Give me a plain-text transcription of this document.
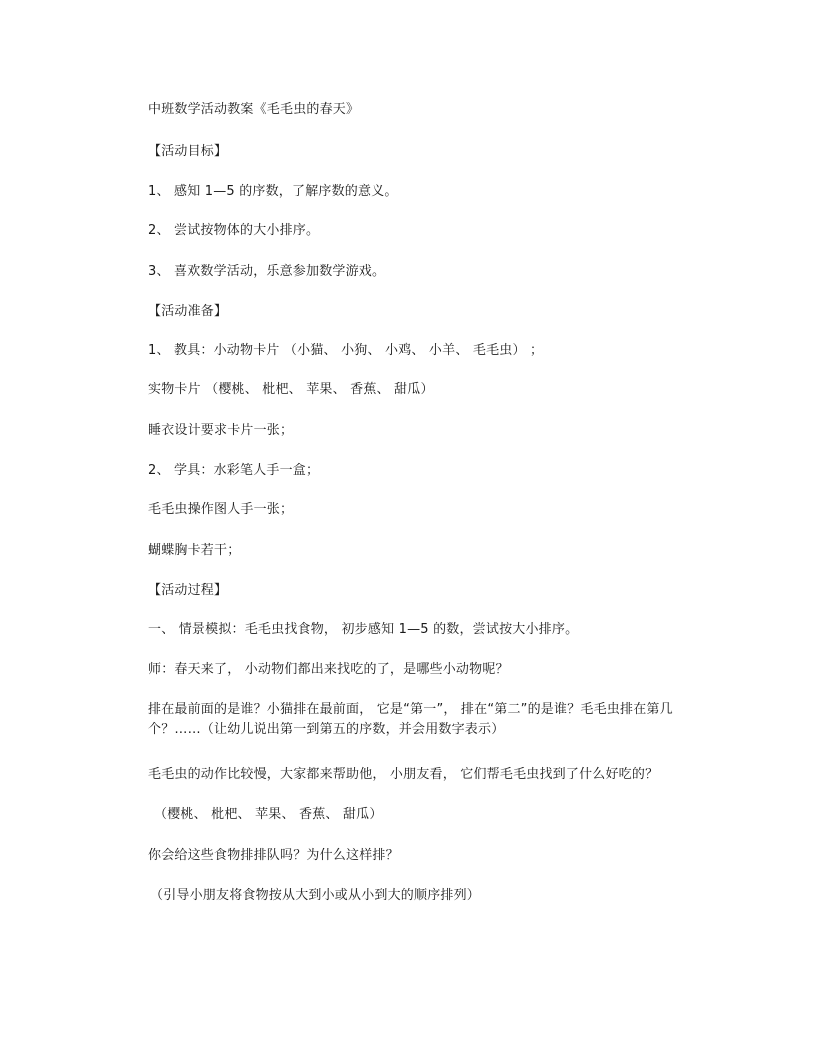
中班数学活动教案《毛毛虫的春天》
【活动目标】
1、 感知 1—5 的序数，了解序数的意义。
2、 尝试按物体的大小排序。
3、 喜欢数学活动，乐意参加数学游戏。
【活动准备】
1、 教具：小动物卡片 （小猫、 小狗、 小鸡、 小羊、 毛毛虫） ；
实物卡片 （樱桃、 枇杷、 苹果、 香蕉、 甜瓜）
睡衣设计要求卡片一张；
2、 学具：水彩笔人手一盒；
毛毛虫操作图人手一张；
蝴蝶胸卡若干；
【活动过程】
一、 情景模拟：毛毛虫找食物， 初步感知 1—5 的数，尝试按大小排序。
师：春天来了， 小动物们都出来找吃的了，是哪些小动物呢？
排在最前面的是谁？小猫排在最前面， 它是“第一”， 排在“第二”的是谁？毛毛虫排在第几个？……（让幼儿说出第一到第五的序数，并会用数字表示）
毛毛虫的动作比较慢，大家都来帮助他， 小朋友看， 它们帮毛毛虫找到了什么好吃的？
（樱桃、 枇杷、 苹果、 香蕉、 甜瓜）
你会给这些食物排排队吗？为什么这样排？
（引导小朋友将食物按从大到小或从小到大的顺序排列）
